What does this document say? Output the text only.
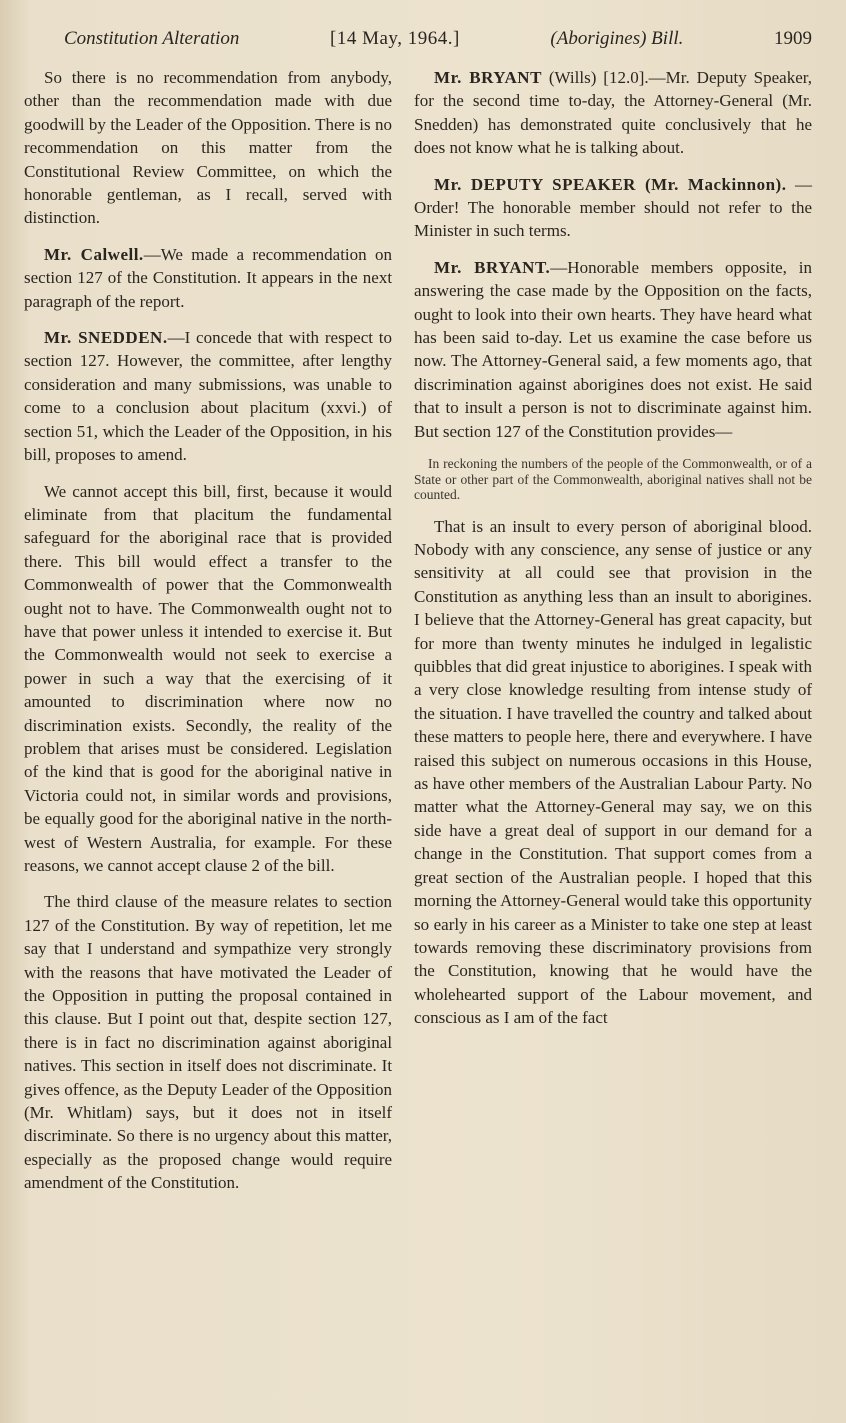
Constitution Alteration	[14 May, 1964.]	(Aborigines) Bill.	1909

So there is no recommendation from anybody, other than the recommendation made with due goodwill by the Leader of the Opposition. There is no recommendation on this matter from the Constitutional Review Committee, on which the honorable gentleman, as I recall, served with distinction.

Mr. Calwell.—We made a recommendation on section 127 of the Constitution. It appears in the next paragraph of the report.

Mr. SNEDDEN.—I concede that with respect to section 127. However, the committee, after lengthy consideration and many submissions, was unable to come to a conclusion about placitum (xxvi.) of section 51, which the Leader of the Opposition, in his bill, proposes to amend.

We cannot accept this bill, first, because it would eliminate from that placitum the fundamental safeguard for the aboriginal race that is provided there. This bill would effect a transfer to the Commonwealth of power that the Commonwealth ought not to have. The Commonwealth ought not to have that power unless it intended to exercise it. But the Commonwealth would not seek to exercise a power in such a way that the exercising of it amounted to discrimination where now no discrimination exists. Secondly, the reality of the problem that arises must be considered. Legislation of the kind that is good for the aboriginal native in Victoria could not, in similar words and provisions, be equally good for the aboriginal native in the north-west of Western Australia, for example. For these reasons, we cannot accept clause 2 of the bill.

The third clause of the measure relates to section 127 of the Constitution. By way of repetition, let me say that I understand and sympathize very strongly with the reasons that have motivated the Leader of the Opposition in putting the proposal contained in this clause. But I point out that, despite section 127, there is in fact no discrimination against aboriginal natives. This section in itself does not discriminate. It gives offence, as the Deputy Leader of the Opposition (Mr. Whitlam) says, but it does not in itself discriminate. So there is no urgency about this matter, especially as the proposed change would require amendment of the Constitution.

Mr. BRYANT (Wills) [12.0].—Mr. Deputy Speaker, for the second time to-day, the Attorney-General (Mr. Snedden) has demonstrated quite conclusively that he does not know what he is talking about.

Mr. DEPUTY SPEAKER (Mr. Mackinnon). — Order! The honorable member should not refer to the Minister in such terms.

Mr. BRYANT.—Honorable members opposite, in answering the case made by the Opposition on the facts, ought to look into their own hearts. They have heard what has been said to-day. Let us examine the case before us now. The Attorney-General said, a few moments ago, that discrimination against aborigines does not exist. He said that to insult a person is not to discriminate against him. But section 127 of the Constitution provides—

In reckoning the numbers of the people of the Commonwealth, or of a State or other part of the Commonwealth, aboriginal natives shall not be counted.

That is an insult to every person of aboriginal blood. Nobody with any conscience, any sense of justice or any sensitivity at all could see that provision in the Constitution as anything less than an insult to aborigines. I believe that the Attorney-General has great capacity, but for more than twenty minutes he indulged in legalistic quibbles that did great injustice to aborigines. I speak with a very close knowledge resulting from intense study of the situation. I have travelled the country and talked about these matters to people here, there and everywhere. I have raised this subject on numerous occasions in this House, as have other members of the Australian Labour Party. No matter what the Attorney-General may say, we on this side have a great deal of support in our demand for a change in the Constitution. That support comes from a great section of the Australian people. I hoped that this morning the Attorney-General would take this opportunity so early in his career as a Minister to take one step at least towards removing these discriminatory provisions from the Constitution, knowing that he would have the wholehearted support of the Labour movement, and conscious as I am of the fact
